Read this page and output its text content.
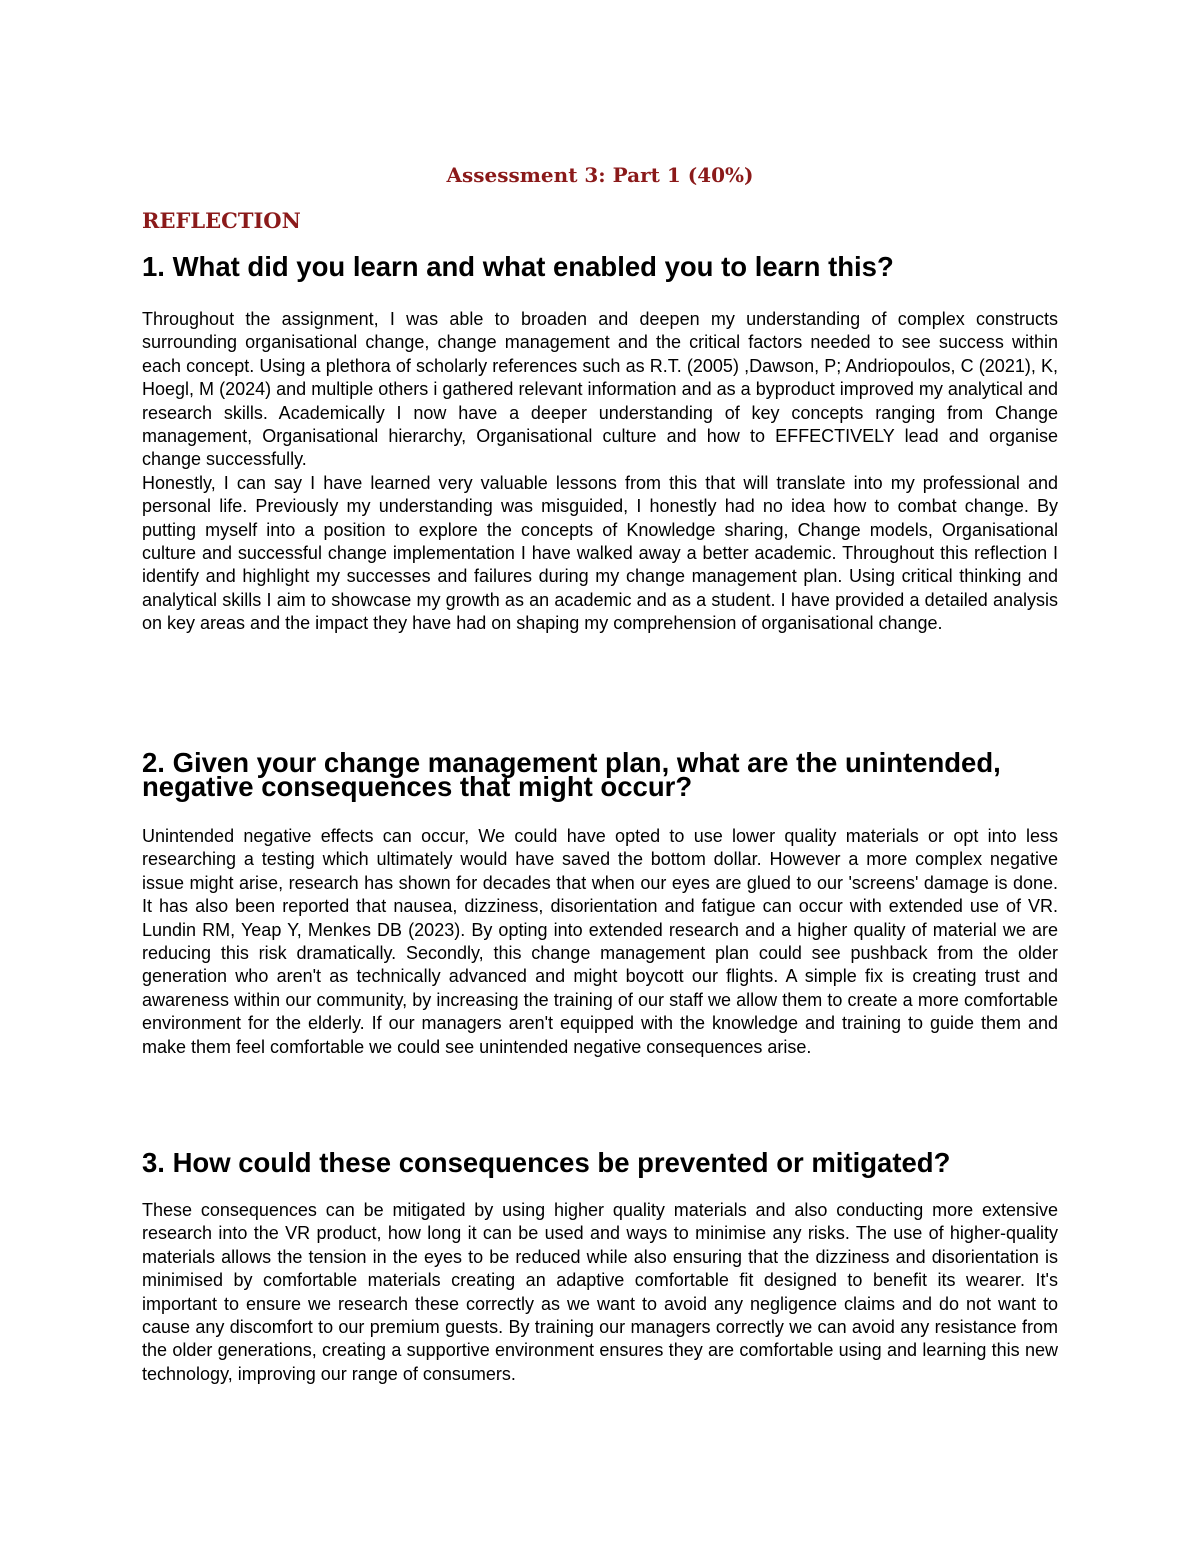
Assessment 3: Part 1 (40%)
REFLECTION
1. What did you learn and what enabled you to learn this?

Throughout the assignment, I was able to broaden and deepen my understanding of complex constructs surrounding organisational change, change management and the critical factors needed to see success within each concept. Using a plethora of scholarly references such as R.T. (2005) ,Dawson, P; Andriopoulos, C (2021), K, Hoegl, M (2024) and multiple others i gathered relevant information and as a byproduct improved my analytical and research skills. Academically I now have a deeper understanding of key concepts ranging from Change management, Organisational hierarchy, Organisational culture and how to EFFECTIVELY lead and organise change successfully.

Honestly, I can say I have learned very valuable lessons from this that will translate into my professional and personal life. Previously my understanding was misguided, I honestly had no idea how to combat change. By putting myself into a position to explore the concepts of Knowledge sharing, Change models, Organisational culture and successful change implementation I have walked away a better academic. Throughout this reflection I identify and highlight my successes and failures during my change management plan. Using critical thinking and analytical skills I aim to showcase my growth as an academic and as a student. I have provided a detailed analysis on key areas and the impact they have had on shaping my comprehension of organisational change.

2. Given your change management plan, what are the unintended, negative consequences that might occur?

Unintended negative effects can occur, We could have opted to use lower quality materials or opt into less researching a testing which ultimately would have saved the bottom dollar. However a more complex negative issue might arise, research has shown for decades that when our eyes are glued to our 'screens' damage is done. It has also been reported that nausea, dizziness, disorientation and fatigue can occur with extended use of VR. Lundin RM, Yeap Y, Menkes DB (2023). By opting into extended research and a higher quality of material we are reducing this risk dramatically. Secondly, this change management plan could see pushback from the older generation who aren't as technically advanced and might boycott our flights. A simple fix is creating trust and awareness within our community, by increasing the training of our staff we allow them to create a more comfortable environment for the elderly. If our managers aren't equipped with the knowledge and training to guide them and make them feel comfortable we could see unintended negative consequences arise.

3. How could these consequences be prevented or mitigated?

These consequences can be mitigated by using higher quality materials and also conducting more extensive research into the VR product, how long it can be used and ways to minimise any risks. The use of higher-quality materials allows the tension in the eyes to be reduced while also ensuring that the dizziness and disorientation is minimised by comfortable materials creating an adaptive comfortable fit designed to benefit its wearer. It's important to ensure we research these correctly as we want to avoid any negligence claims and do not want to cause any discomfort to our premium guests. By training our managers correctly we can avoid any resistance from the older generations, creating a supportive environment ensures they are comfortable using and learning this new technology, improving our range of consumers.
